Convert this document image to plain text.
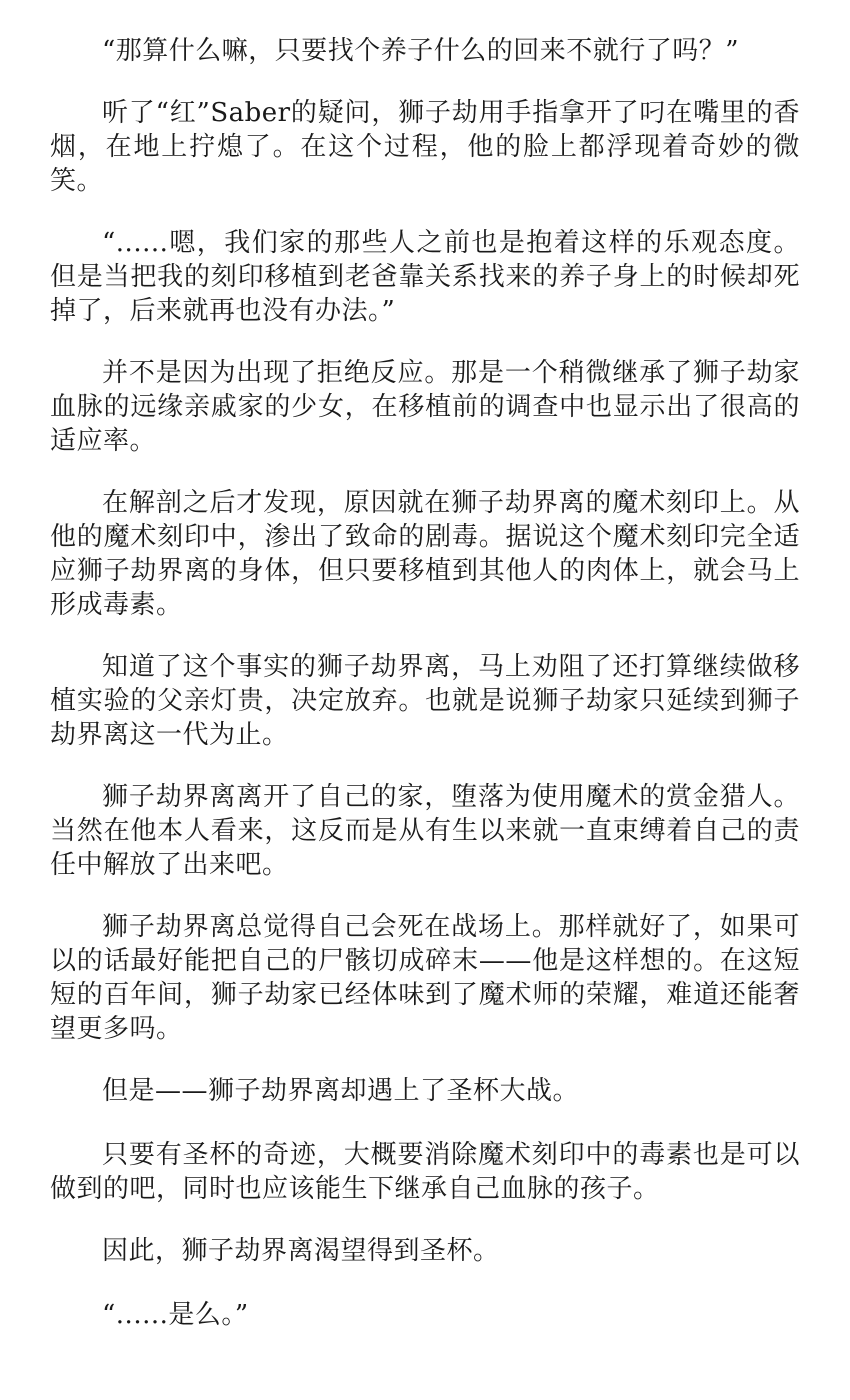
“那算什么嘛，只要找个养子什么的回来不就行了吗？”

听了“红”Saber的疑问，狮子劫用手指拿开了叼在嘴里的香烟，在地上拧熄了。在这个过程，他的脸上都浮现着奇妙的微笑。

“......嗯，我们家的那些人之前也是抱着这样的乐观态度。但是当把我的刻印移植到老爸靠关系找来的养子身上的时候却死掉了，后来就再也没有办法。”

并不是因为出现了拒绝反应。那是一个稍微继承了狮子劫家血脉的远缘亲戚家的少女，在移植前的调查中也显示出了很高的适应率。

在解剖之后才发现，原因就在狮子劫界离的魔术刻印上。从他的魔术刻印中，渗出了致命的剧毒。据说这个魔术刻印完全适应狮子劫界离的身体，但只要移植到其他人的肉体上，就会马上形成毒素。

知道了这个事实的狮子劫界离，马上劝阻了还打算继续做移植实验的父亲灯贵，决定放弃。也就是说狮子劫家只延续到狮子劫界离这一代为止。

狮子劫界离离开了自己的家，堕落为使用魔术的赏金猎人。当然在他本人看来，这反而是从有生以来就一直束缚着自己的责任中解放了出来吧。

狮子劫界离总觉得自己会死在战场上。那样就好了，如果可以的话最好能把自己的尸骸切成碎末——他是这样想的。在这短短的百年间，狮子劫家已经体味到了魔术师的荣耀，难道还能奢望更多吗。

但是——狮子劫界离却遇上了圣杯大战。

只要有圣杯的奇迹，大概要消除魔术刻印中的毒素也是可以做到的吧，同时也应该能生下继承自己血脉的孩子。

因此，狮子劫界离渴望得到圣杯。

“......是么。”
